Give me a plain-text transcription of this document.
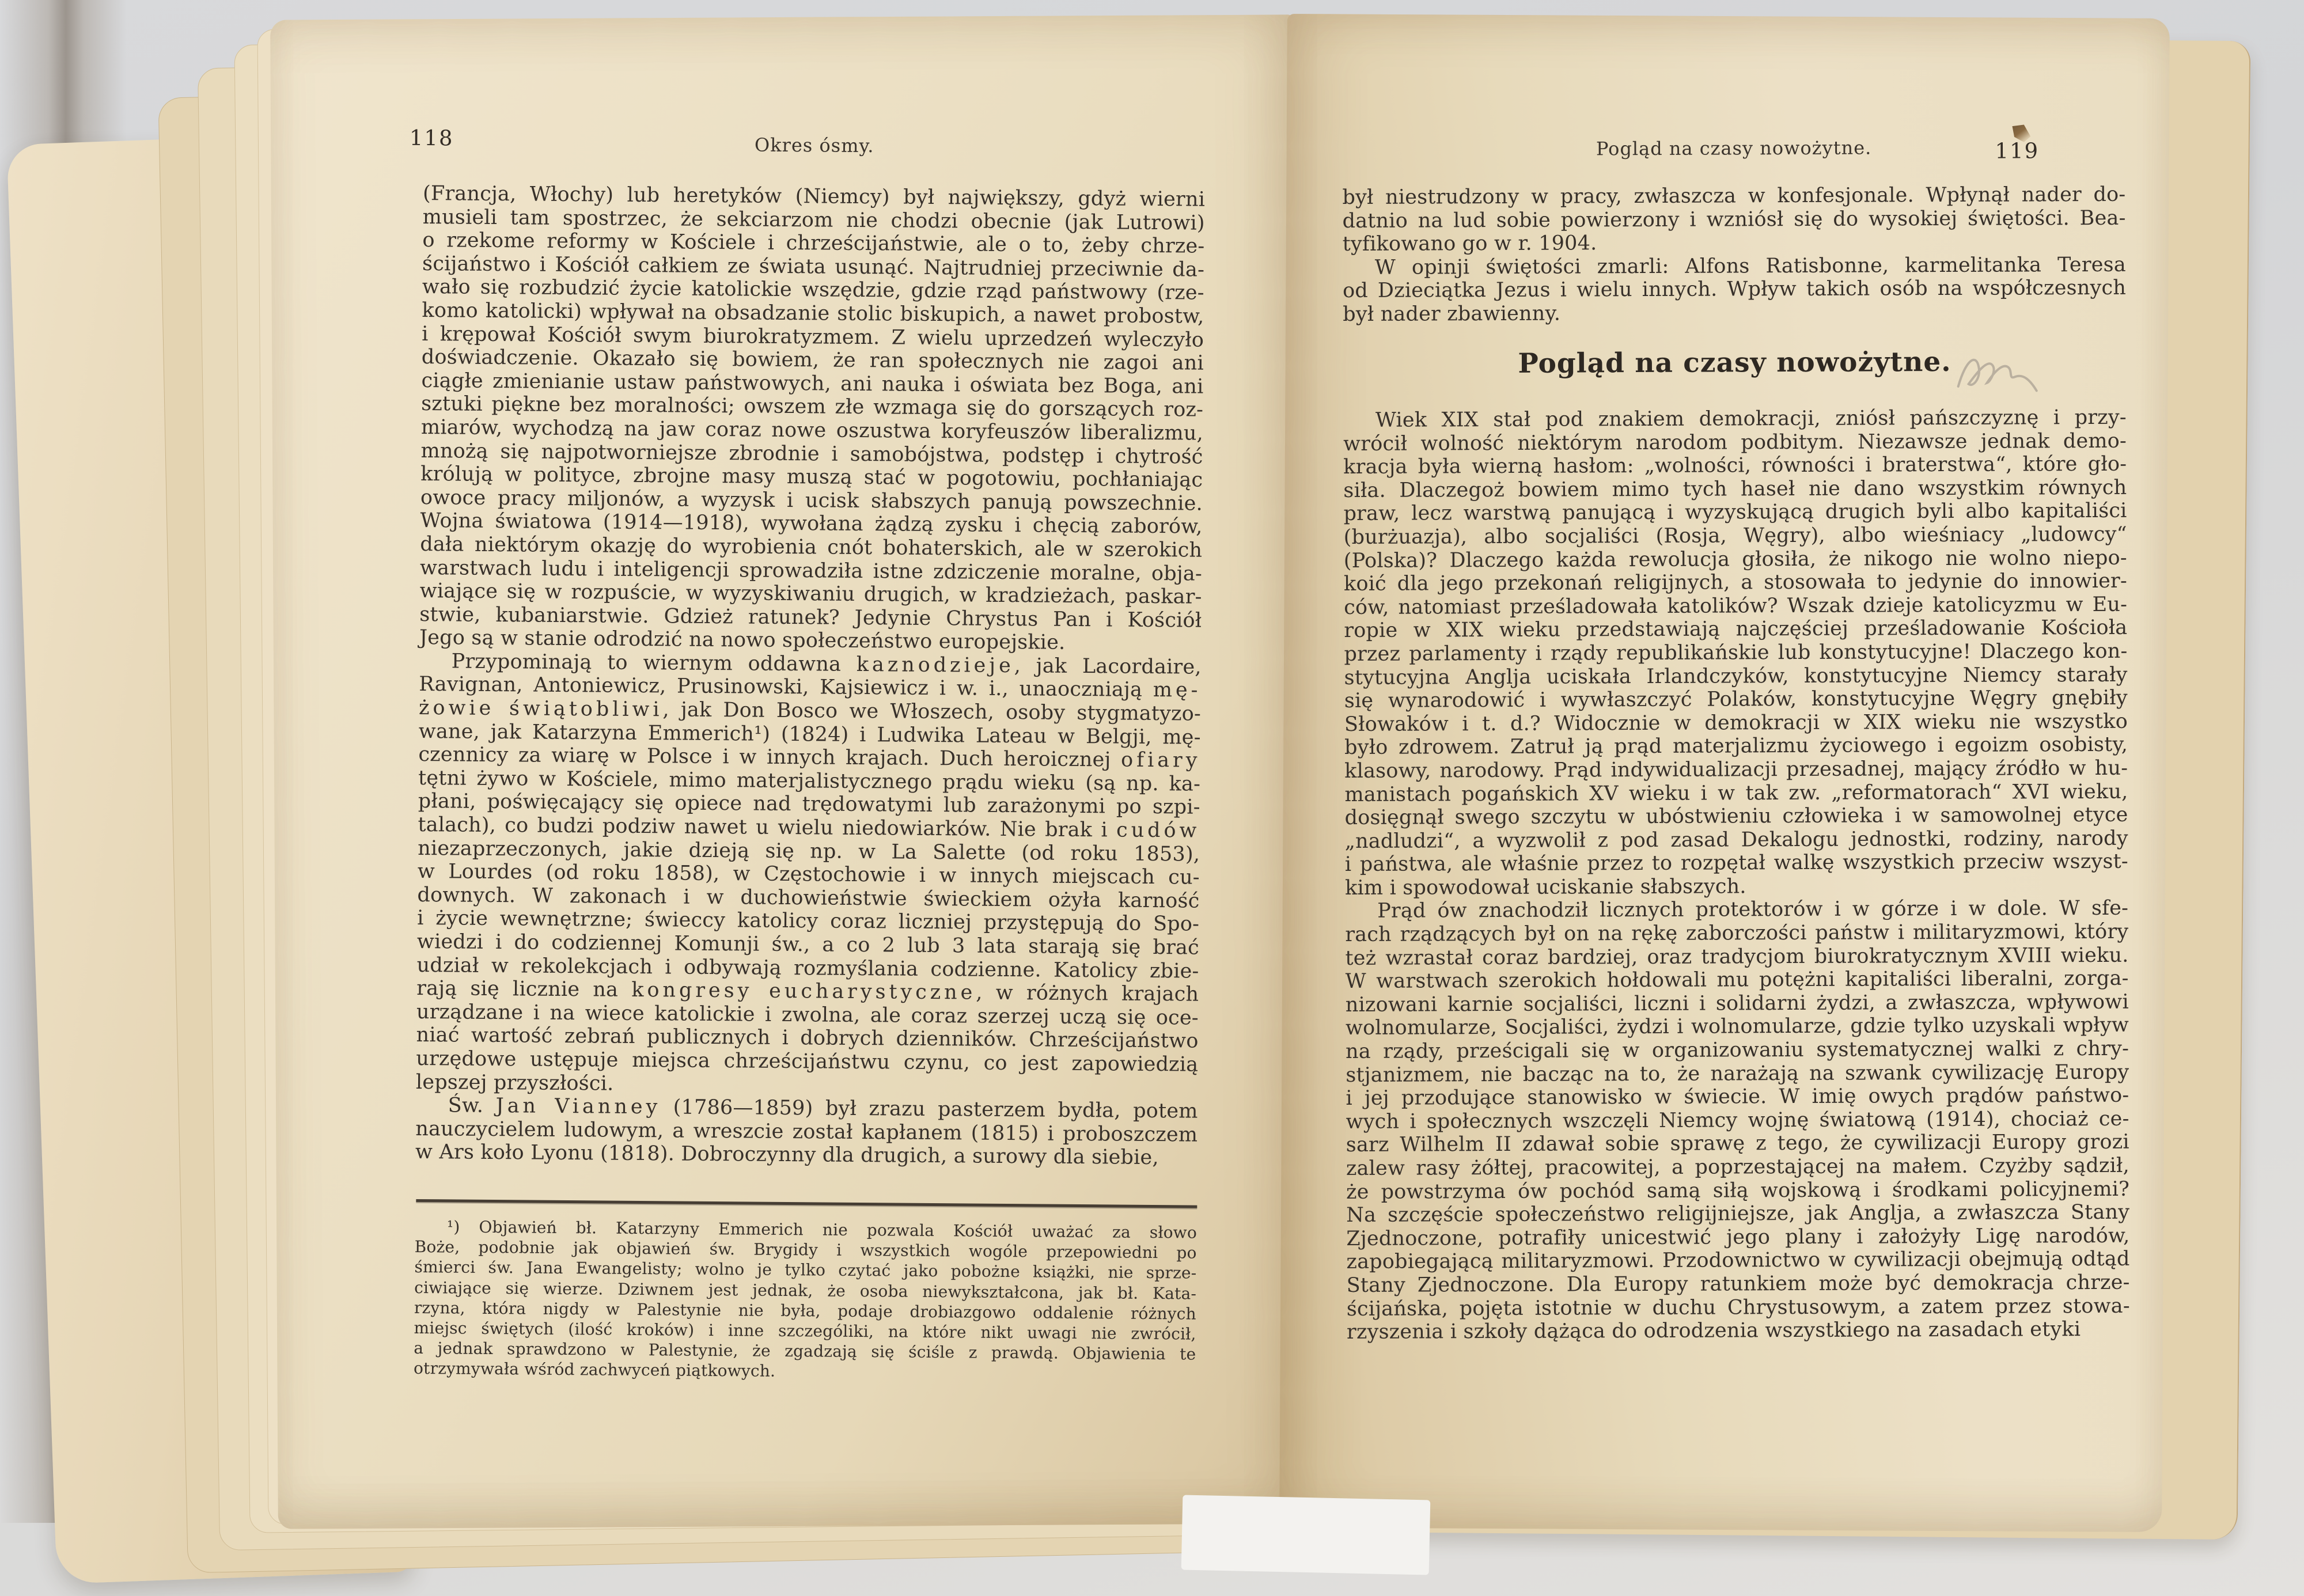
118	Okres ósmy.
(Francja, Włochy) lub heretyków (Niemcy) był największy, gdyż wierni
musieli tam spostrzec, że sekciarzom nie chodzi obecnie (jak Lutrowi)
o rzekome reformy w Kościele i chrześcijaństwie, ale o to, żeby chrze-
ścijaństwo i Kościół całkiem ze świata usunąć. Najtrudniej przeciwnie da-
wało się rozbudzić życie katolickie wszędzie, gdzie rząd państwowy (rze-
komo katolicki) wpływał na obsadzanie stolic biskupich, a nawet probostw,
i krępował Kościół swym biurokratyzmem. Z wielu uprzedzeń wyleczyło
doświadczenie. Okazało się bowiem, że ran społecznych nie zagoi ani
ciągłe zmienianie ustaw państwowych, ani nauka i oświata bez Boga, ani
sztuki piękne bez moralności; owszem złe wzmaga się do gorszących roz-
miarów, wychodzą na jaw coraz nowe oszustwa koryfeuszów liberalizmu,
mnożą się najpotworniejsze zbrodnie i samobójstwa, podstęp i chytrość
królują w polityce, zbrojne masy muszą stać w pogotowiu, pochłaniając
owoce pracy miljonów, a wyzysk i ucisk słabszych panują powszechnie.
Wojna światowa (1914—1918), wywołana żądzą zysku i chęcią zaborów,
dała niektórym okazję do wyrobienia cnót bohaterskich, ale w szerokich
warstwach ludu i inteligencji sprowadziła istne zdziczenie moralne, obja-
wiające się w rozpuście, w wyzyskiwaniu drugich, w kradzieżach, paskar-
stwie, kubaniarstwie. Gdzież ratunek? Jedynie Chrystus Pan i Kościół
Jego są w stanie odrodzić na nowo społeczeństwo europejskie.
Przypominają to wiernym oddawna kaznodzieje, jak Lacordaire,
Ravignan, Antoniewicz, Prusinowski, Kajsiewicz i w. i., unaoczniają mę-
żowie świątobliwi, jak Don Bosco we Włoszech, osoby stygmatyzo-
wane, jak Katarzyna Emmerich¹) (1824) i Ludwika Lateau w Belgji, mę-
czennicy za wiarę w Polsce i w innych krajach. Duch heroicznej ofiary
tętni żywo w Kościele, mimo materjalistycznego prądu wieku (są np. ka-
płani, poświęcający się opiece nad trędowatymi lub zarażonymi po szpi-
talach), co budzi podziw nawet u wielu niedowiarków. Nie brak i cudów
niezaprzeczonych, jakie dzieją się np. w La Salette (od roku 1853),
w Lourdes (od roku 1858), w Częstochowie i w innych miejscach cu-
downych. W zakonach i w duchowieństwie świeckiem ożyła karność
i życie wewnętrzne; świeccy katolicy coraz liczniej przystępują do Spo-
wiedzi i do codziennej Komunji św., a co 2 lub 3 lata starają się brać
udział w rekolekcjach i odbywają rozmyślania codzienne. Katolicy zbie-
rają się licznie na kongresy eucharystyczne, w różnych krajach
urządzane i na wiece katolickie i zwolna, ale coraz szerzej uczą się oce-
niać wartość zebrań publicznych i dobrych dzienników. Chrześcijaństwo
urzędowe ustępuje miejsca chrześcijaństwu czynu, co jest zapowiedzią
lepszej przyszłości.
Św. Jan Vianney (1786—1859) był zrazu pasterzem bydła, potem
nauczycielem ludowym, a wreszcie został kapłanem (1815) i proboszczem
w Ars koło Lyonu (1818). Dobroczynny dla drugich, a surowy dla siebie,
¹) Objawień bł. Katarzyny Emmerich nie pozwala Kościół uważać za słowo
Boże, podobnie jak objawień św. Brygidy i wszystkich wogóle przepowiedni po
śmierci św. Jana Ewangelisty; wolno je tylko czytać jako pobożne książki, nie sprze-
ciwiające się wierze. Dziwnem jest jednak, że osoba niewykształcona, jak bł. Kata-
rzyna, która nigdy w Palestynie nie była, podaje drobiazgowo oddalenie różnych
miejsc świętych (ilość kroków) i inne szczególiki, na które nikt uwagi nie zwrócił,
a jednak sprawdzono w Palestynie, że zgadzają się ściśle z prawdą. Objawienia te
otrzymywała wśród zachwyceń piątkowych.
119
Pogląd na czasy nowożytne.
był niestrudzony w pracy, zwłaszcza w konfesjonale. Wpłynął nader do-
datnio na lud sobie powierzony i wzniósł się do wysokiej świętości. Bea-
tyfikowano go w r. 1904.
W opinji świętości zmarli: Alfons Ratisbonne, karmelitanka Teresa
od Dzieciątka Jezus i wielu innych. Wpływ takich osób na współczesnych
był nader zbawienny.
Pogląd na czasy nowożytne.
Wiek XIX stał pod znakiem demokracji, zniósł pańszczyznę i przy-
wrócił wolność niektórym narodom podbitym. Niezawsze jednak demo-
kracja była wierną hasłom: „wolności, równości i braterstwa“, które gło-
siła. Dlaczegoż bowiem mimo tych haseł nie dano wszystkim równych
praw, lecz warstwą panującą i wyzyskującą drugich byli albo kapitaliści
(burżuazja), albo socjaliści (Rosja, Węgry), albo wieśniacy „ludowcy“
(Polska)? Dlaczego każda rewolucja głosiła, że nikogo nie wolno niepo-
koić dla jego przekonań religijnych, a stosowała to jedynie do innowier-
ców, natomiast prześladowała katolików? Wszak dzieje katolicyzmu w Eu-
ropie w XIX wieku przedstawiają najczęściej prześladowanie Kościoła
przez parlamenty i rządy republikańskie lub konstytucyjne! Dlaczego kon-
stytucyjna Anglja uciskała Irlandczyków, konstytucyjne Niemcy starały
się wynarodowić i wywłaszczyć Polaków, konstytucyjne Węgry gnębiły
Słowaków i t. d.? Widocznie w demokracji w XIX wieku nie wszystko
było zdrowem. Zatruł ją prąd materjalizmu życiowego i egoizm osobisty,
klasowy, narodowy. Prąd indywidualizacji przesadnej, mający źródło w hu-
manistach pogańskich XV wieku i w tak zw. „reformatorach“ XVI wieku,
dosięgnął swego szczytu w ubóstwieniu człowieka i w samowolnej etyce
„nadludzi“, a wyzwolił z pod zasad Dekalogu jednostki, rodziny, narody
i państwa, ale właśnie przez to rozpętał walkę wszystkich przeciw wszyst-
kim i spowodował uciskanie słabszych.
Prąd ów znachodził licznych protektorów i w górze i w dole. W sfe-
rach rządzących był on na rękę zaborczości państw i militaryzmowi, który
też wzrastał coraz bardziej, oraz tradycjom biurokratycznym XVIII wieku.
W warstwach szerokich hołdowali mu potężni kapitaliści liberalni, zorga-
nizowani karnie socjaliści, liczni i solidarni żydzi, a zwłaszcza, wpływowi
wolnomularze, Socjaliści, żydzi i wolnomularze, gdzie tylko uzyskali wpływ
na rządy, prześcigali się w organizowaniu systematycznej walki z chry-
stjanizmem, nie bacząc na to, że narażają na szwank cywilizację Europy
i jej przodujące stanowisko w świecie. W imię owych prądów państwo-
wych i społecznych wszczęli Niemcy wojnę światową (1914), chociaż ce-
sarz Wilhelm II zdawał sobie sprawę z tego, że cywilizacji Europy grozi
zalew rasy żółtej, pracowitej, a poprzestającej na małem. Czyżby sądził,
że powstrzyma ów pochód samą siłą wojskową i środkami policyjnemi?
Na szczęście społeczeństwo religijniejsze, jak Anglja, a zwłaszcza Stany
Zjednoczone, potrafiły unicestwić jego plany i założyły Ligę narodów,
zapobiegającą militaryzmowi. Przodownictwo w cywilizacji obejmują odtąd
Stany Zjednoczone. Dla Europy ratunkiem może być demokracja chrze-
ścijańska, pojęta istotnie w duchu Chrystusowym, a zatem przez stowa-
rzyszenia i szkoły dążąca do odrodzenia wszystkiego na zasadach etyki
